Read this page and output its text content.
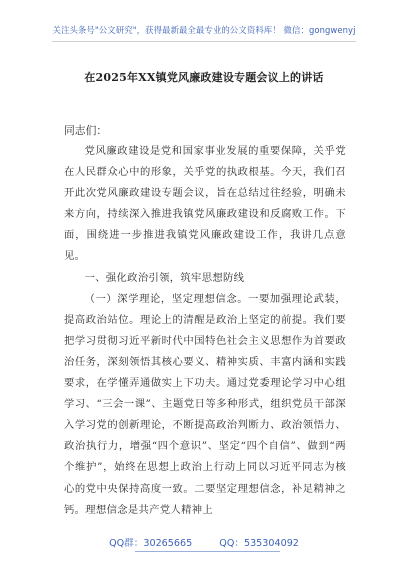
关注头条号"公文研究"，获得最新最全最专业的公文资料库！ 微信：gongwenyj
在2025年XX镇党风廉政建设专题会议上的讲话
同志们：

党风廉政建设是党和国家事业发展的重要保障，关乎党在人民群众心中的形象，关乎党的执政根基。今天，我们召开此次党风廉政建设专题会议，旨在总结过往经验，明确未来方向，持续深入推进我镇党风廉政建设和反腐败工作。下面，围绕进一步推进我镇党风廉政建设工作，我讲几点意见。

一、强化政治引领，筑牢思想防线

（一）深学理论，坚定理想信念。一要加强理论武装，提高政治站位。理论上的清醒是政治上坚定的前提。我们要把学习贯彻习近平新时代中国特色社会主义思想作为首要政治任务，深刻领悟其核心要义、精神实质、丰富内涵和实践要求，在学懂弄通做实上下功夫。通过党委理论学习中心组学习、“三会一课”、主题党日等多种形式，组织党员干部深入学习党的创新理论，不断提高政治判断力、政治领悟力、政治执行力，增强“四个意识”、坚定“四个自信”、做到“两个维护”，始终在思想上政治上行动上同以习近平同志为核心的党中央保持高度一致。二要坚定理想信念，补足精神之钙。理想信念是共产党人精神上

QQ群：30265665	QQ：535304092
